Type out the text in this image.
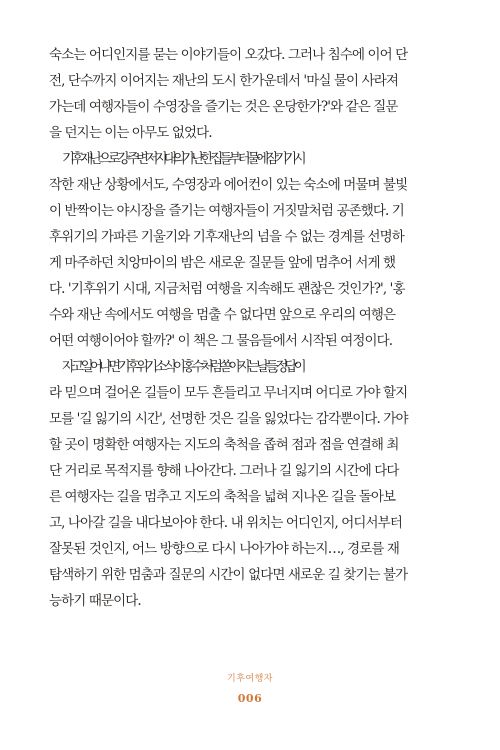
숙소는 어디인지를 묻는 이야기들이 오갔다. 그러나 침수에 이어 단
전, 단수까지 이어지는 재난의 도시 한가운데서 '마실 물이 사라져
가는데 여행자들이 수영장을 즐기는 것은 온당한가?'와 같은 질문
을 던지는 이는 아무도 없었다.
기후재난으로 강 주변 저지대의 가난한 집들부터 물에 잠기기 시
작한 재난 상황에서도, 수영장과 에어컨이 있는 숙소에 머물며 불빛
이 반짝이는 야시장을 즐기는 여행자들이 거짓말처럼 공존했다. 기
후위기의 가파른 기울기와 기후재난의 넘을 수 없는 경계를 선명하
게 마주하던 치앙마이의 밤은 새로운 질문들 앞에 멈추어 서게 했
다. '기후위기 시대, 지금처럼 여행을 지속해도 괜찮은 것인가?', '홍
수와 재난 속에서도 여행을 멈출 수 없다면 앞으로 우리의 여행은
어떤 여행이어야 할까?' 이 책은 그 물음들에서 시작된 여정이다.
자고 일어나면 기후위기 소식이 홍수처럼 쏟아지는 날들, 정답이
라 믿으며 걸어온 길들이 모두 흔들리고 무너지며 어디로 가야 할지
모를 '길 잃기의 시간', 선명한 것은 길을 잃었다는 감각뿐이다. 가야
할 곳이 명확한 여행자는 지도의 축척을 좁혀 점과 점을 연결해 최
단 거리로 목적지를 향해 나아간다. 그러나 길 잃기의 시간에 다다
른 여행자는 길을 멈추고 지도의 축척을 넓혀 지나온 길을 돌아보
고, 나아갈 길을 내다보아야 한다. 내 위치는 어디인지, 어디서부터
잘못된 것인지, 어느 방향으로 다시 나아가야 하는지…, 경로를 재
탐색하기 위한 멈춤과 질문의 시간이 없다면 새로운 길 찾기는 불가
능하기 때문이다.
기후여행자
006
